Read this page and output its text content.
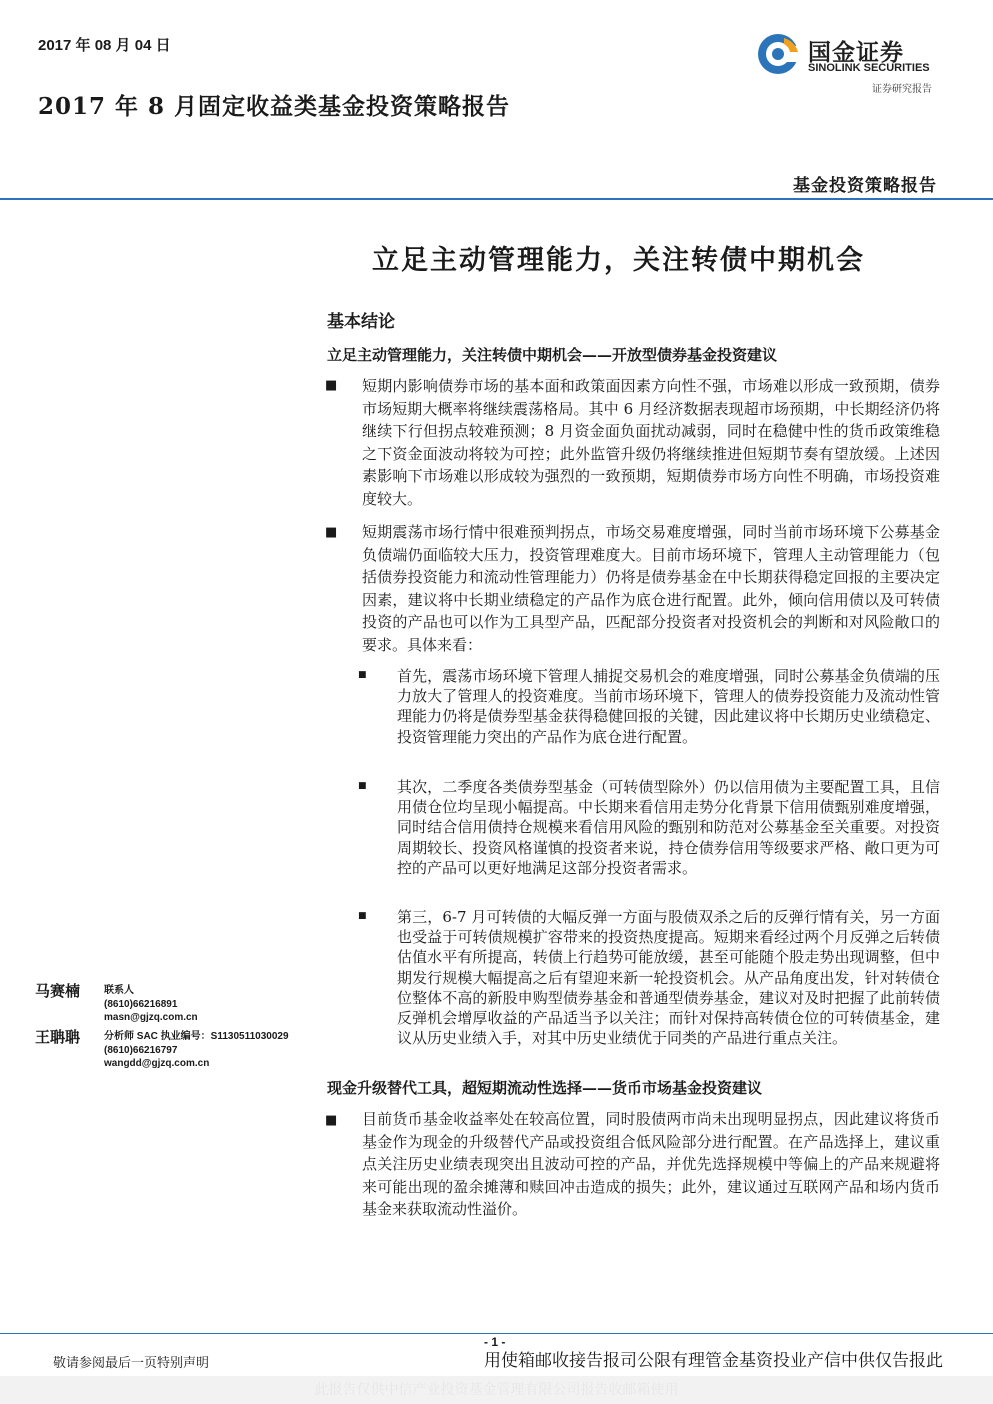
2017 年 08 月 04 日
2017 年 8 月固定收益类基金投资策略报告
国金证券
SINOLINK SECURITIES
证券研究报告
基金投资策略报告
立足主动管理能力，关注转债中期机会
基本结论
立足主动管理能力，关注转债中期机会——开放型债券基金投资建议
■ 短期内影响债券市场的基本面和政策面因素方向性不强，市场难以形成一致预期，债券市场短期大概率将继续震荡格局。其中 6 月经济数据表现超市场预期，中长期经济仍将继续下行但拐点较难预测；8 月资金面负面扰动减弱，同时在稳健中性的货币政策维稳之下资金面波动将较为可控；此外监管升级仍将继续推进但短期节奏有望放缓。上述因素影响下市场难以形成较为强烈的一致预期，短期债券市场方向性不明确，市场投资难度较大。
■ 短期震荡市场行情中很难预判拐点，市场交易难度增强，同时当前市场环境下公募基金负债端仍面临较大压力，投资管理难度大。目前市场环境下，管理人主动管理能力（包括债券投资能力和流动性管理能力）仍将是债券基金在中长期获得稳定回报的主要决定因素，建议将中长期业绩稳定的产品作为底仓进行配置。此外，倾向信用债以及可转债投资的产品也可以作为工具型产品，匹配部分投资者对投资机会的判断和对风险敞口的要求。具体来看：
■ 首先，震荡市场环境下管理人捕捉交易机会的难度增强，同时公募基金负债端的压力放大了管理人的投资难度。当前市场环境下，管理人的债券投资能力及流动性管理能力仍将是债券型基金获得稳健回报的关键，因此建议将中长期历史业绩稳定、投资管理能力突出的产品作为底仓进行配置。
■ 其次，二季度各类债券型基金（可转债型除外）仍以信用债为主要配置工具，且信用债仓位均呈现小幅提高。中长期来看信用走势分化背景下信用债甄别难度增强，同时结合信用债持仓规模来看信用风险的甄别和防范对公募基金至关重要。对投资周期较长、投资风格谨慎的投资者来说，持仓债券信用等级要求严格、敞口更为可控的产品可以更好地满足这部分投资者需求。
■ 第三，6-7 月可转债的大幅反弹一方面与股债双杀之后的反弹行情有关，另一方面也受益于可转债规模扩容带来的投资热度提高。短期来看经过两个月反弹之后转债估值水平有所提高，转债上行趋势可能放缓，甚至可能随个股走势出现调整，但中期发行规模大幅提高之后有望迎来新一轮投资机会。从产品角度出发，针对转债仓位整体不高的新股申购型债券基金和普通型债券基金，建议对及时把握了此前转债反弹机会增厚收益的产品适当予以关注；而针对保持高转债仓位的可转债基金，建议从历史业绩入手，对其中历史业绩优于同类的产品进行重点关注。
现金升级替代工具，超短期流动性选择——货币市场基金投资建议
■ 目前货币基金收益率处在较高位置，同时股债两市尚未出现明显拐点，因此建议将货币基金作为现金的升级替代产品或投资组合低风险部分进行配置。在产品选择上，建议重点关注历史业绩表现突出且波动可控的产品，并优先选择规模中等偏上的产品来规避将来可能出现的盈余摊薄和赎回冲击造成的损失；此外，建议通过互联网产品和场内货币基金来获取流动性溢价。
马赛楠 联系人
(8610)66216891
masn@gjzq.com.cn
王聃聃 分析师 SAC 执业编号：S1130511030029
(8610)66216797
wangdd@gjzq.com.cn
- 1 -
敬请参阅最后一页特别声明	用使箱邮收接告报司公限有理管金基资投业产信中供仅告报此
此报告仅供中信产业投资基金管理有限公司报告收邮箱使用
